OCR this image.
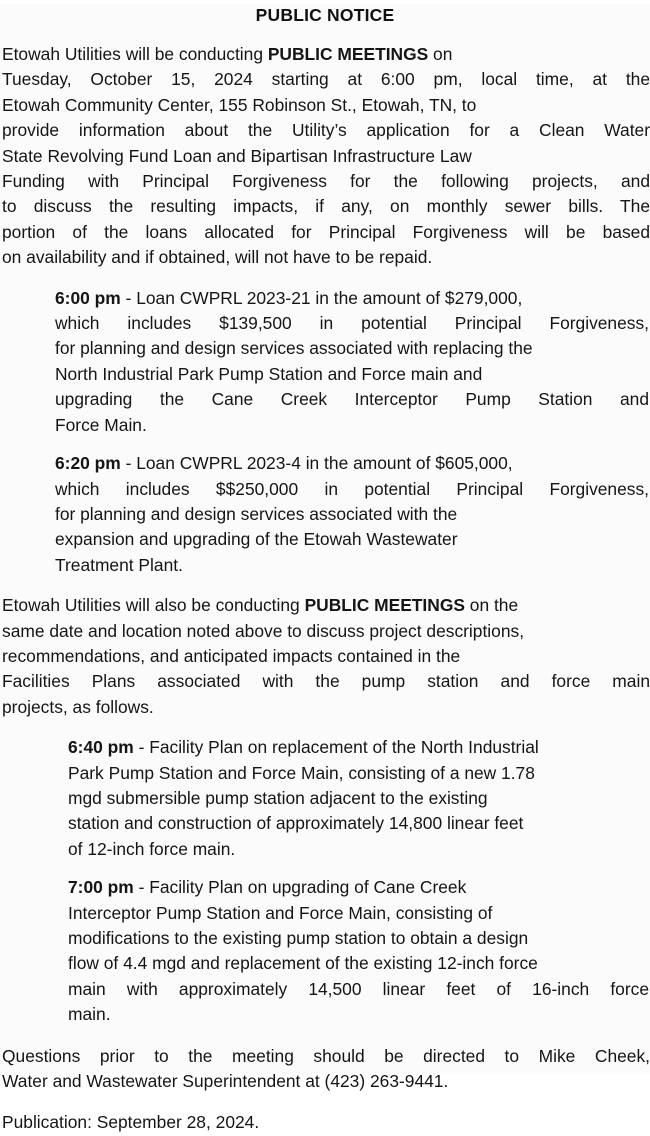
PUBLIC NOTICE
Etowah Utilities will be conducting PUBLIC MEETINGS on
Tuesday, October 15, 2024 starting at 6:00 pm, local time, at the
Etowah Community Center, 155 Robinson St., Etowah, TN, to
provide information about the Utility’s application for a Clean Water
State Revolving Fund Loan and Bipartisan Infrastructure Law
Funding with Principal Forgiveness for the following projects, and
to discuss the resulting impacts, if any, on monthly sewer bills. The
portion of the loans allocated for Principal Forgiveness will be based
on availability and if obtained, will not have to be repaid.
6:00 pm - Loan CWPRL 2023-21 in the amount of $279,000,
which includes $139,500 in potential Principal Forgiveness,
for planning and design services associated with replacing the
North Industrial Park Pump Station and Force main and
upgrading the Cane Creek Interceptor Pump Station and
Force Main.
6:20 pm - Loan CWPRL 2023-4 in the amount of $605,000,
which includes $$250,000 in potential Principal Forgiveness,
for planning and design services associated with the
expansion and upgrading of the Etowah Wastewater
Treatment Plant.
Etowah Utilities will also be conducting PUBLIC MEETINGS on the
same date and location noted above to discuss project descriptions,
recommendations, and anticipated impacts contained in the
Facilities Plans associated with the pump station and force main
projects, as follows.
6:40 pm - Facility Plan on replacement of the North Industrial
Park Pump Station and Force Main, consisting of a new 1.78
mgd submersible pump station adjacent to the existing
station and construction of approximately 14,800 linear feet
of 12-inch force main.
7:00 pm - Facility Plan on upgrading of Cane Creek
Interceptor Pump Station and Force Main, consisting of
modifications to the existing pump station to obtain a design
flow of 4.4 mgd and replacement of the existing 12-inch force
main with approximately 14,500 linear feet of 16-inch force
main.
Questions prior to the meeting should be directed to Mike Cheek,
Water and Wastewater Superintendent at (423) 263-9441.
Publication: September 28, 2024.
